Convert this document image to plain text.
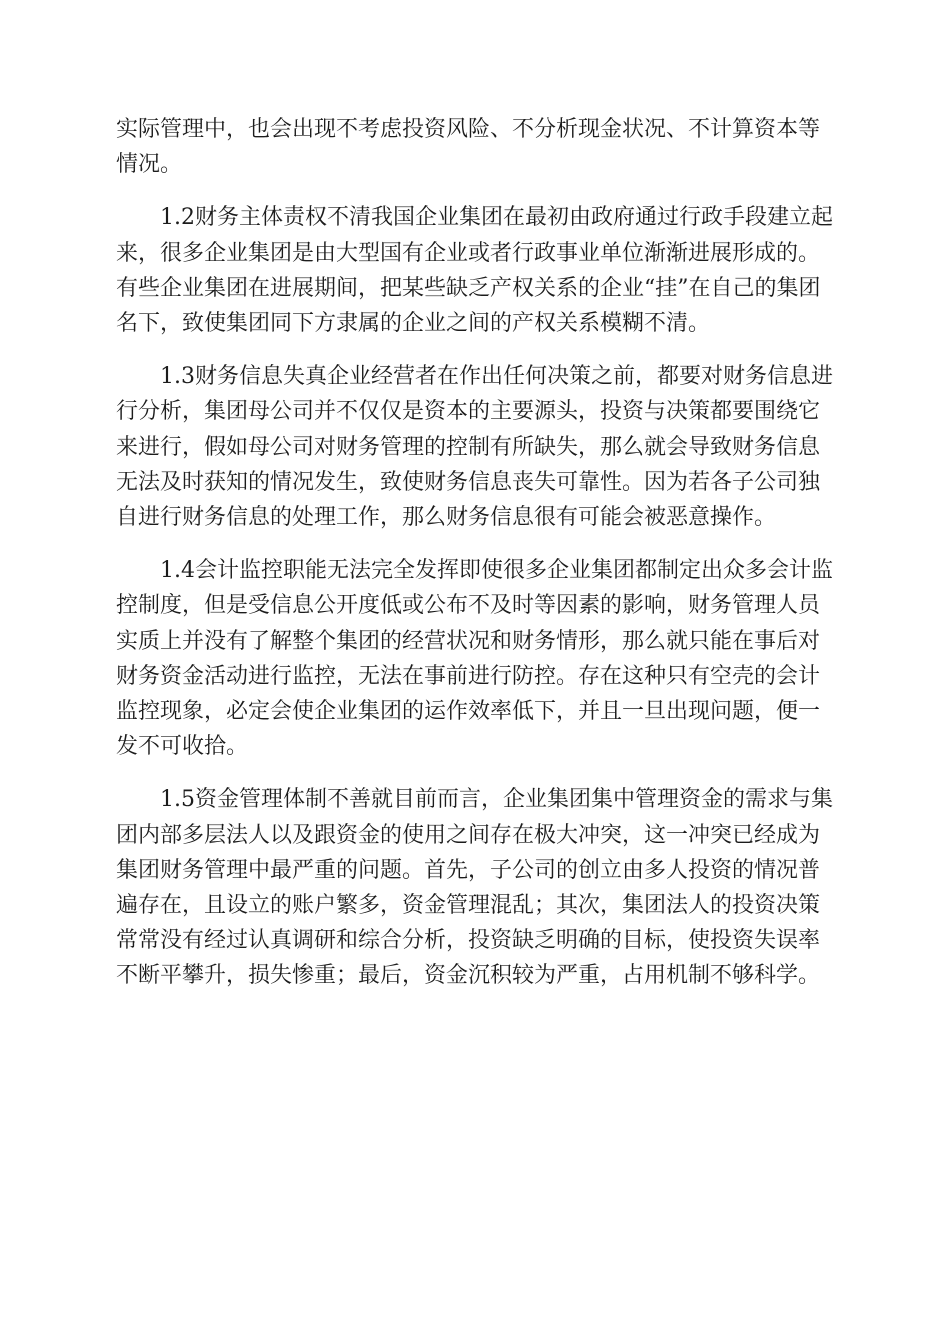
实际管理中，也会出现不考虑投资风险、不分析现金状况、不计算资本等情况。

1.2财务主体责权不清我国企业集团在最初由政府通过行政手段建立起来，很多企业集团是由大型国有企业或者行政事业单位渐渐进展形成的。有些企业集团在进展期间，把某些缺乏产权关系的企业“挂”在自己的集团名下，致使集团同下方隶属的企业之间的产权关系模糊不清。

1.3财务信息失真企业经营者在作出任何决策之前，都要对财务信息进行分析，集团母公司并不仅仅是资本的主要源头，投资与决策都要围绕它来进行，假如母公司对财务管理的控制有所缺失，那么就会导致财务信息无法及时获知的情况发生，致使财务信息丧失可靠性。因为若各子公司独自进行财务信息的处理工作，那么财务信息很有可能会被恶意操作。

1.4会计监控职能无法完全发挥即使很多企业集团都制定出众多会计监控制度，但是受信息公开度低或公布不及时等因素的影响，财务管理人员实质上并没有了解整个集团的经营状况和财务情形，那么就只能在事后对财务资金活动进行监控，无法在事前进行防控。存在这种只有空壳的会计监控现象，必定会使企业集团的运作效率低下，并且一旦出现问题，便一发不可收拾。

1.5资金管理体制不善就目前而言，企业集团集中管理资金的需求与集团内部多层法人以及跟资金的使用之间存在极大冲突，这一冲突已经成为集团财务管理中最严重的问题。首先，子公司的创立由多人投资的情况普遍存在，且设立的账户繁多，资金管理混乱；其次，集团法人的投资决策常常没有经过认真调研和综合分析，投资缺乏明确的目标，使投资失误率不断平攀升，损失惨重；最后，资金沉积较为严重，占用机制不够科学。
